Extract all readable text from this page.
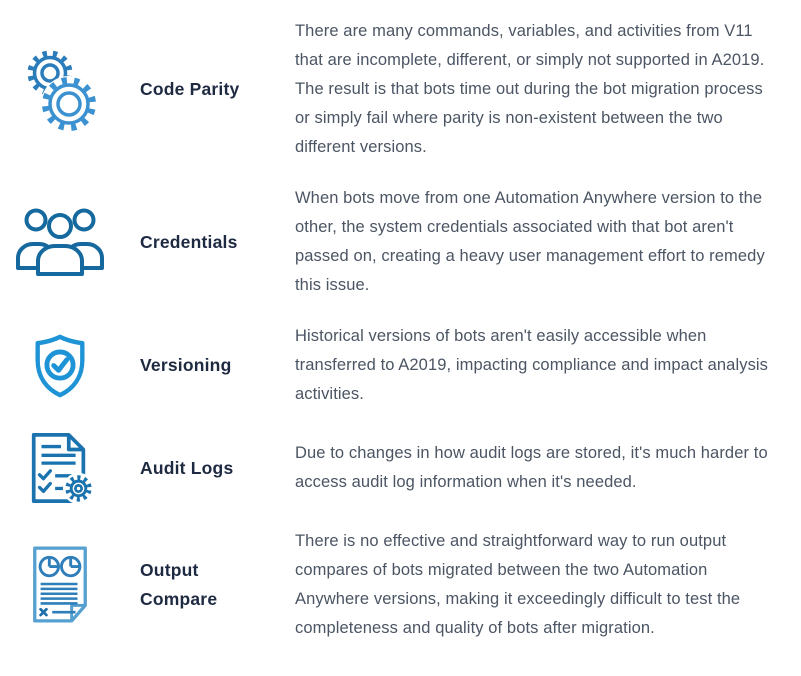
Code Parity
There are many commands, variables, and activities from V11 that are incomplete, different, or simply not supported in A2019. The result is that bots time out during the bot migration process or simply fail where parity is non-existent between the two different versions.
Credentials
When bots move from one Automation Anywhere version to the other, the system credentials associated with that bot aren't passed on, creating a heavy user management effort to remedy this issue.
Versioning
Historical versions of bots aren't easily accessible when transferred to A2019, impacting compliance and impact analysis activities.
Audit Logs
Due to changes in how audit logs are stored, it's much harder to access audit log information when it's needed.
Output Compare
There is no effective and straightforward way to run output compares of bots migrated between the two Automation Anywhere versions, making it exceedingly difficult to test the completeness and quality of bots after migration.
